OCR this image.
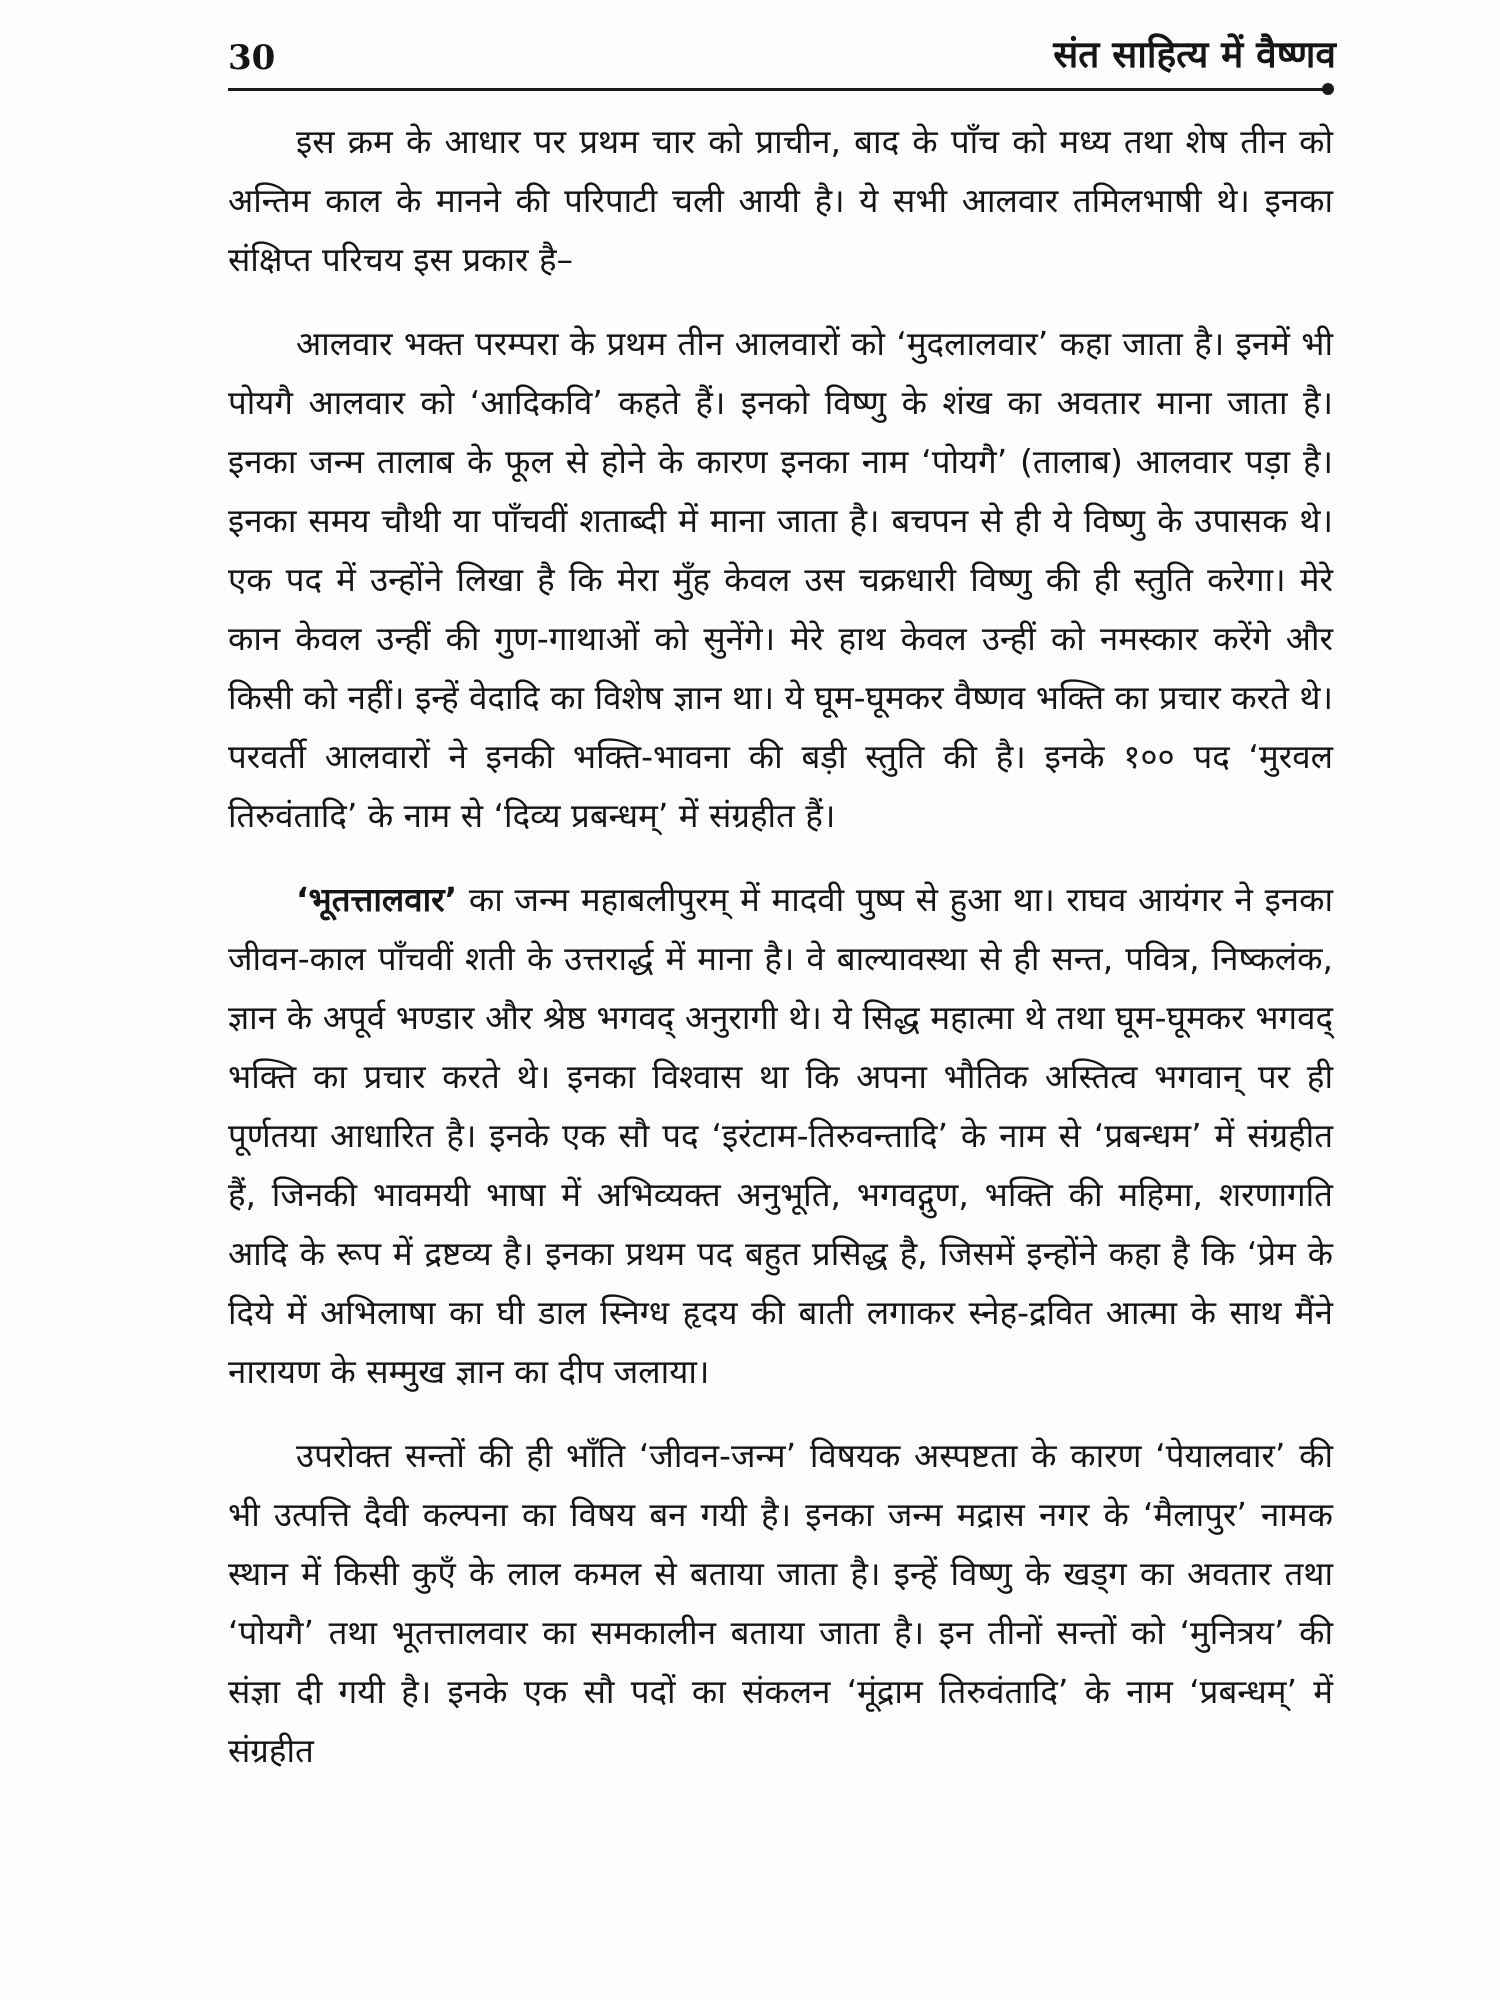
30	संत साहित्य में वैष्णव

इस क्रम के आधार पर प्रथम चार को प्राचीन, बाद के पाँच को मध्य तथा शेष तीन को अन्तिम काल के मानने की परिपाटी चली आयी है। ये सभी आलवार तमिलभाषी थे। इनका संक्षिप्त परिचय इस प्रकार है–

आलवार भक्त परम्परा के प्रथम तीन आलवारों को ‘मुदलालवार’ कहा जाता है। इनमें भी पोयगै आलवार को ‘आदिकवि’ कहते हैं। इनको विष्णु के शंख का अवतार माना जाता है। इनका जन्म तालाब के फूल से होने के कारण इनका नाम ‘पोयगै’ (तालाब) आलवार पड़ा है। इनका समय चौथी या पाँचवीं शताब्दी में माना जाता है। बचपन से ही ये विष्णु के उपासक थे। एक पद में उन्होंने लिखा है कि मेरा मुँह केवल उस चक्रधारी विष्णु की ही स्तुति करेगा। मेरे कान केवल उन्हीं की गुण-गाथाओं को सुनेंगे। मेरे हाथ केवल उन्हीं को नमस्कार करेंगे और किसी को नहीं। इन्हें वेदादि का विशेष ज्ञान था। ये घूम-घूमकर वैष्णव भक्ति का प्रचार करते थे। परवर्ती आलवारों ने इनकी भक्ति-भावना की बड़ी स्तुति की है। इनके १०० पद ‘मुरवल तिरुवंतादि’ के नाम से ‘दिव्य प्रबन्धम्’ में संग्रहीत हैं।

‘भूतत्तालवार’ का जन्म महाबलीपुरम् में मादवी पुष्प से हुआ था। राघव आयंगर ने इनका जीवन-काल पाँचवीं शती के उत्तरार्द्ध में माना है। वे बाल्यावस्था से ही सन्त, पवित्र, निष्कलंक, ज्ञान के अपूर्व भण्डार और श्रेष्ठ भगवद् अनुरागी थे। ये सिद्ध महात्मा थे तथा घूम-घूमकर भगवद् भक्ति का प्रचार करते थे। इनका विश्वास था कि अपना भौतिक अस्तित्व भगवान् पर ही पूर्णतया आधारित है। इनके एक सौ पद ‘इरंटाम-तिरुवन्तादि’ के नाम से ‘प्रबन्धम’ में संग्रहीत हैं, जिनकी भावमयी भाषा में अभिव्यक्त अनुभूति, भगवद्गुण, भक्ति की महिमा, शरणागति आदि के रूप में द्रष्टव्य है। इनका प्रथम पद बहुत प्रसिद्ध है, जिसमें इन्होंने कहा है कि ‘प्रेम के दिये में अभिलाषा का घी डाल स्निग्ध हृदय की बाती लगाकर स्नेह-द्रवित आत्मा के साथ मैंने नारायण के सम्मुख ज्ञान का दीप जलाया।

उपरोक्त सन्तों की ही भाँति ‘जीवन-जन्म’ विषयक अस्पष्टता के कारण ‘पेयालवार’ की भी उत्पत्ति दैवी कल्पना का विषय बन गयी है। इनका जन्म मद्रास नगर के ‘मैलापुर’ नामक स्थान में किसी कुएँ के लाल कमल से बताया जाता है। इन्हें विष्णु के खड्ग का अवतार तथा ‘पोयगै’ तथा भूतत्तालवार का समकालीन बताया जाता है। इन तीनों सन्तों को ‘मुनित्रय’ की संज्ञा दी गयी है। इनके एक सौ पदों का संकलन ‘मूंद्राम तिरुवंतादि’ के नाम ‘प्रबन्धम्’ में संग्रहीत
